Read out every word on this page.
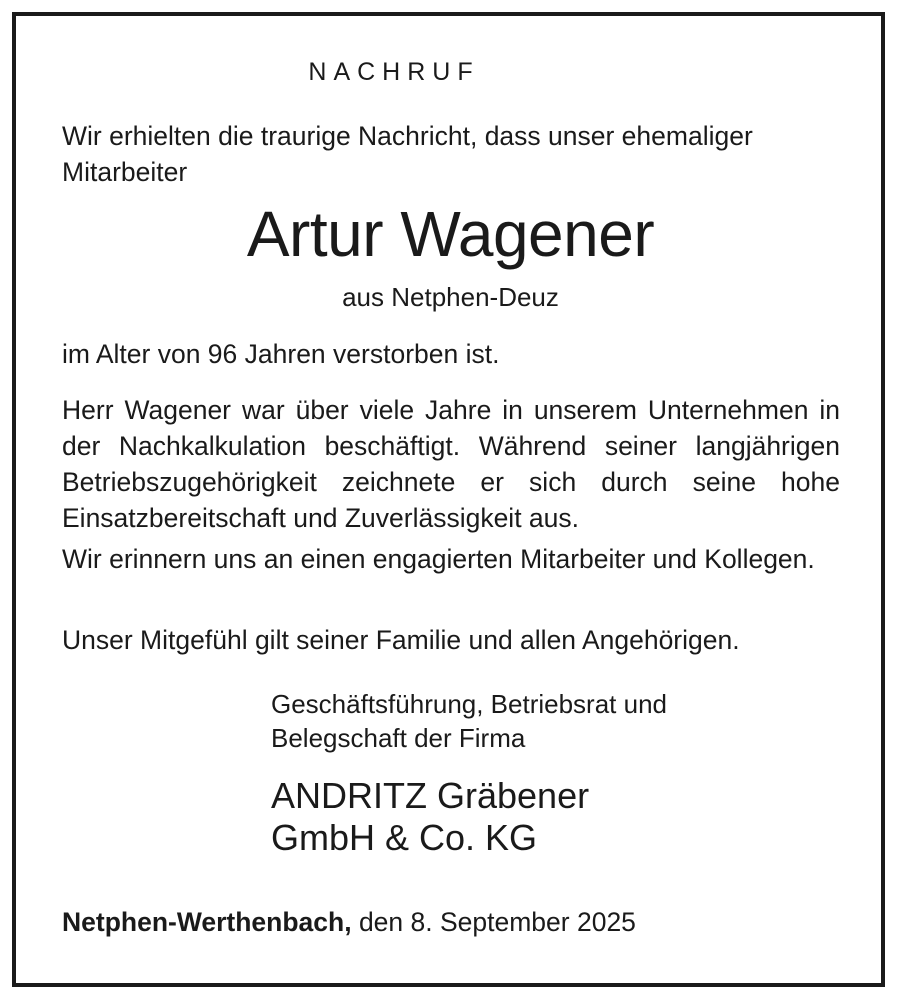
NACHRUF

Wir erhielten die traurige Nachricht, dass unser ehemaliger
Mitarbeiter

Artur Wagener
aus Netphen-Deuz

im Alter von 96 Jahren verstorben ist.

Herr Wagener war über viele Jahre in unserem Unternehmen in der Nachkalkulation beschäftigt. Während seiner langjährigen Betriebszugehörigkeit zeichnete er sich durch seine hohe Einsatzbereitschaft und Zuverlässigkeit aus.

Wir erinnern uns an einen engagierten Mitarbeiter und Kollegen.

Unser Mitgefühl gilt seiner Familie und allen Angehörigen.

Geschäftsführung, Betriebsrat und
Belegschaft der Firma

ANDRITZ Gräbener
GmbH & Co. KG

Netphen-Werthenbach, den 8. September 2025
